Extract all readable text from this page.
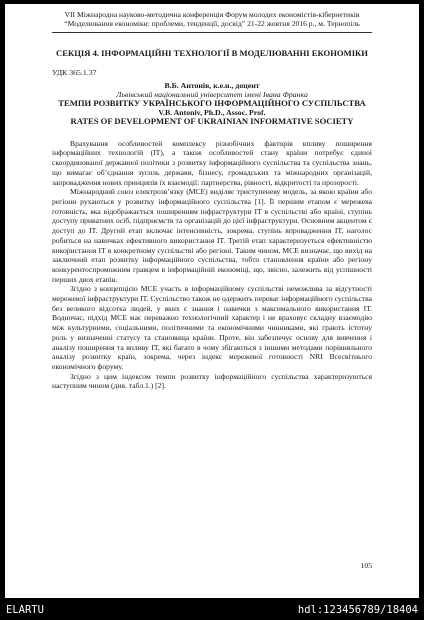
VII Міжнародна науково-методична конференція Форум молодих економістів-кібернетиків
“Моделювання економіки: проблеми, тенденції, досвід” 21-22 жовтня 2016 р., м. Тернопіль
СЕКЦІЯ 4. ІНФОРМАЦІЙНІ ТЕХНОЛОГІЇ В МОДЕЛЮВАННІ ЕКОНОМІКИ
УДК 365.1.37
В.Б. Антонів, к.е.н., доцент
Львівський національний університет імені Івана Франка
ТЕМПИ РОЗВИТКУ УКРАЇНСЬКОГО ІНФОРМАЦІЙНОГО СУСПІЛЬСТВА
V.B. Antoniv, Ph.D., Assoc. Prof.
RATES OF DEVELOPMENT OF UKRAINIAN INFORMATIVE SOCIETY

Врахування особливостей комплексу різнобічних факторів впливу поширення інформаційних технологій (ІТ), а також особливостей стану країни потребує єдиної скоординованої державної політики з розвитку інформаційного суспільства та суспільства знань, що вимагає об’єднання зусиль держави, бізнесу, громадських та міжнародних організацій, запровадження нових принципів їх взаємодії: партнерства, рівності, відкритості та прозорості.

Міжнародний союз електрозв’язку (МСЕ) виділяє триступеневу модель, за якою країни або регіони рухаються у розвитку інформаційного суспільства [1]. Її першим етапом є мережева готовність, яка відображається поширенням інфраструктури ІТ в суспільстві або країні, ступінь доступу приватних осіб, підприємств та організацій до цієї інфраструктури. Основним акцентом є доступ до ІТ. Другий етап включає інтенсивність, зокрема, ступінь впровадження ІТ, наголос робиться на навичках ефективного використання ІТ. Третій етап характеризується ефективністю використання ІТ в конкретному суспільстві або регіоні. Таким чином, МСЕ визначає, що вихід на заключний етап розвитку інформаційного суспільства, тобто становлення країни або регіону конкурентоспроможним гравцем в інформаційній економіці, що, звісно, залежить від успішності перших двох етапів.

Згідно з концепцією МСЕ участь в інформаційному суспільстві неможлива за відсутності мережевої інфраструктури ІТ. Суспільство також не одержить переваг інформаційного суспільства без великого відсотка людей, у яких є знання і навички з максимального використання ІТ. Водночас, підхід МСЕ має переважно технологічний характер і не враховує складну взаємодію між культурними, соціальними, політичними та економічними чинниками, які грають істотну роль у визначенні статусу та становища країни. Проте, він забезпечує основу для вивчення і аналізу поширення та впливу ІТ, які багато в чому збігаються з іншими методами порівняльного аналізу розвитку країн, зокрема, через індекс мережевої готовності NRI Всесвітнього економічного форуму.

Згідно з цим індексом темпи розвитку інформаційного суспільства характеризуються наступним чином (див. табл.1.) [2].

105
ELARTU	hdl:123456789/18404
